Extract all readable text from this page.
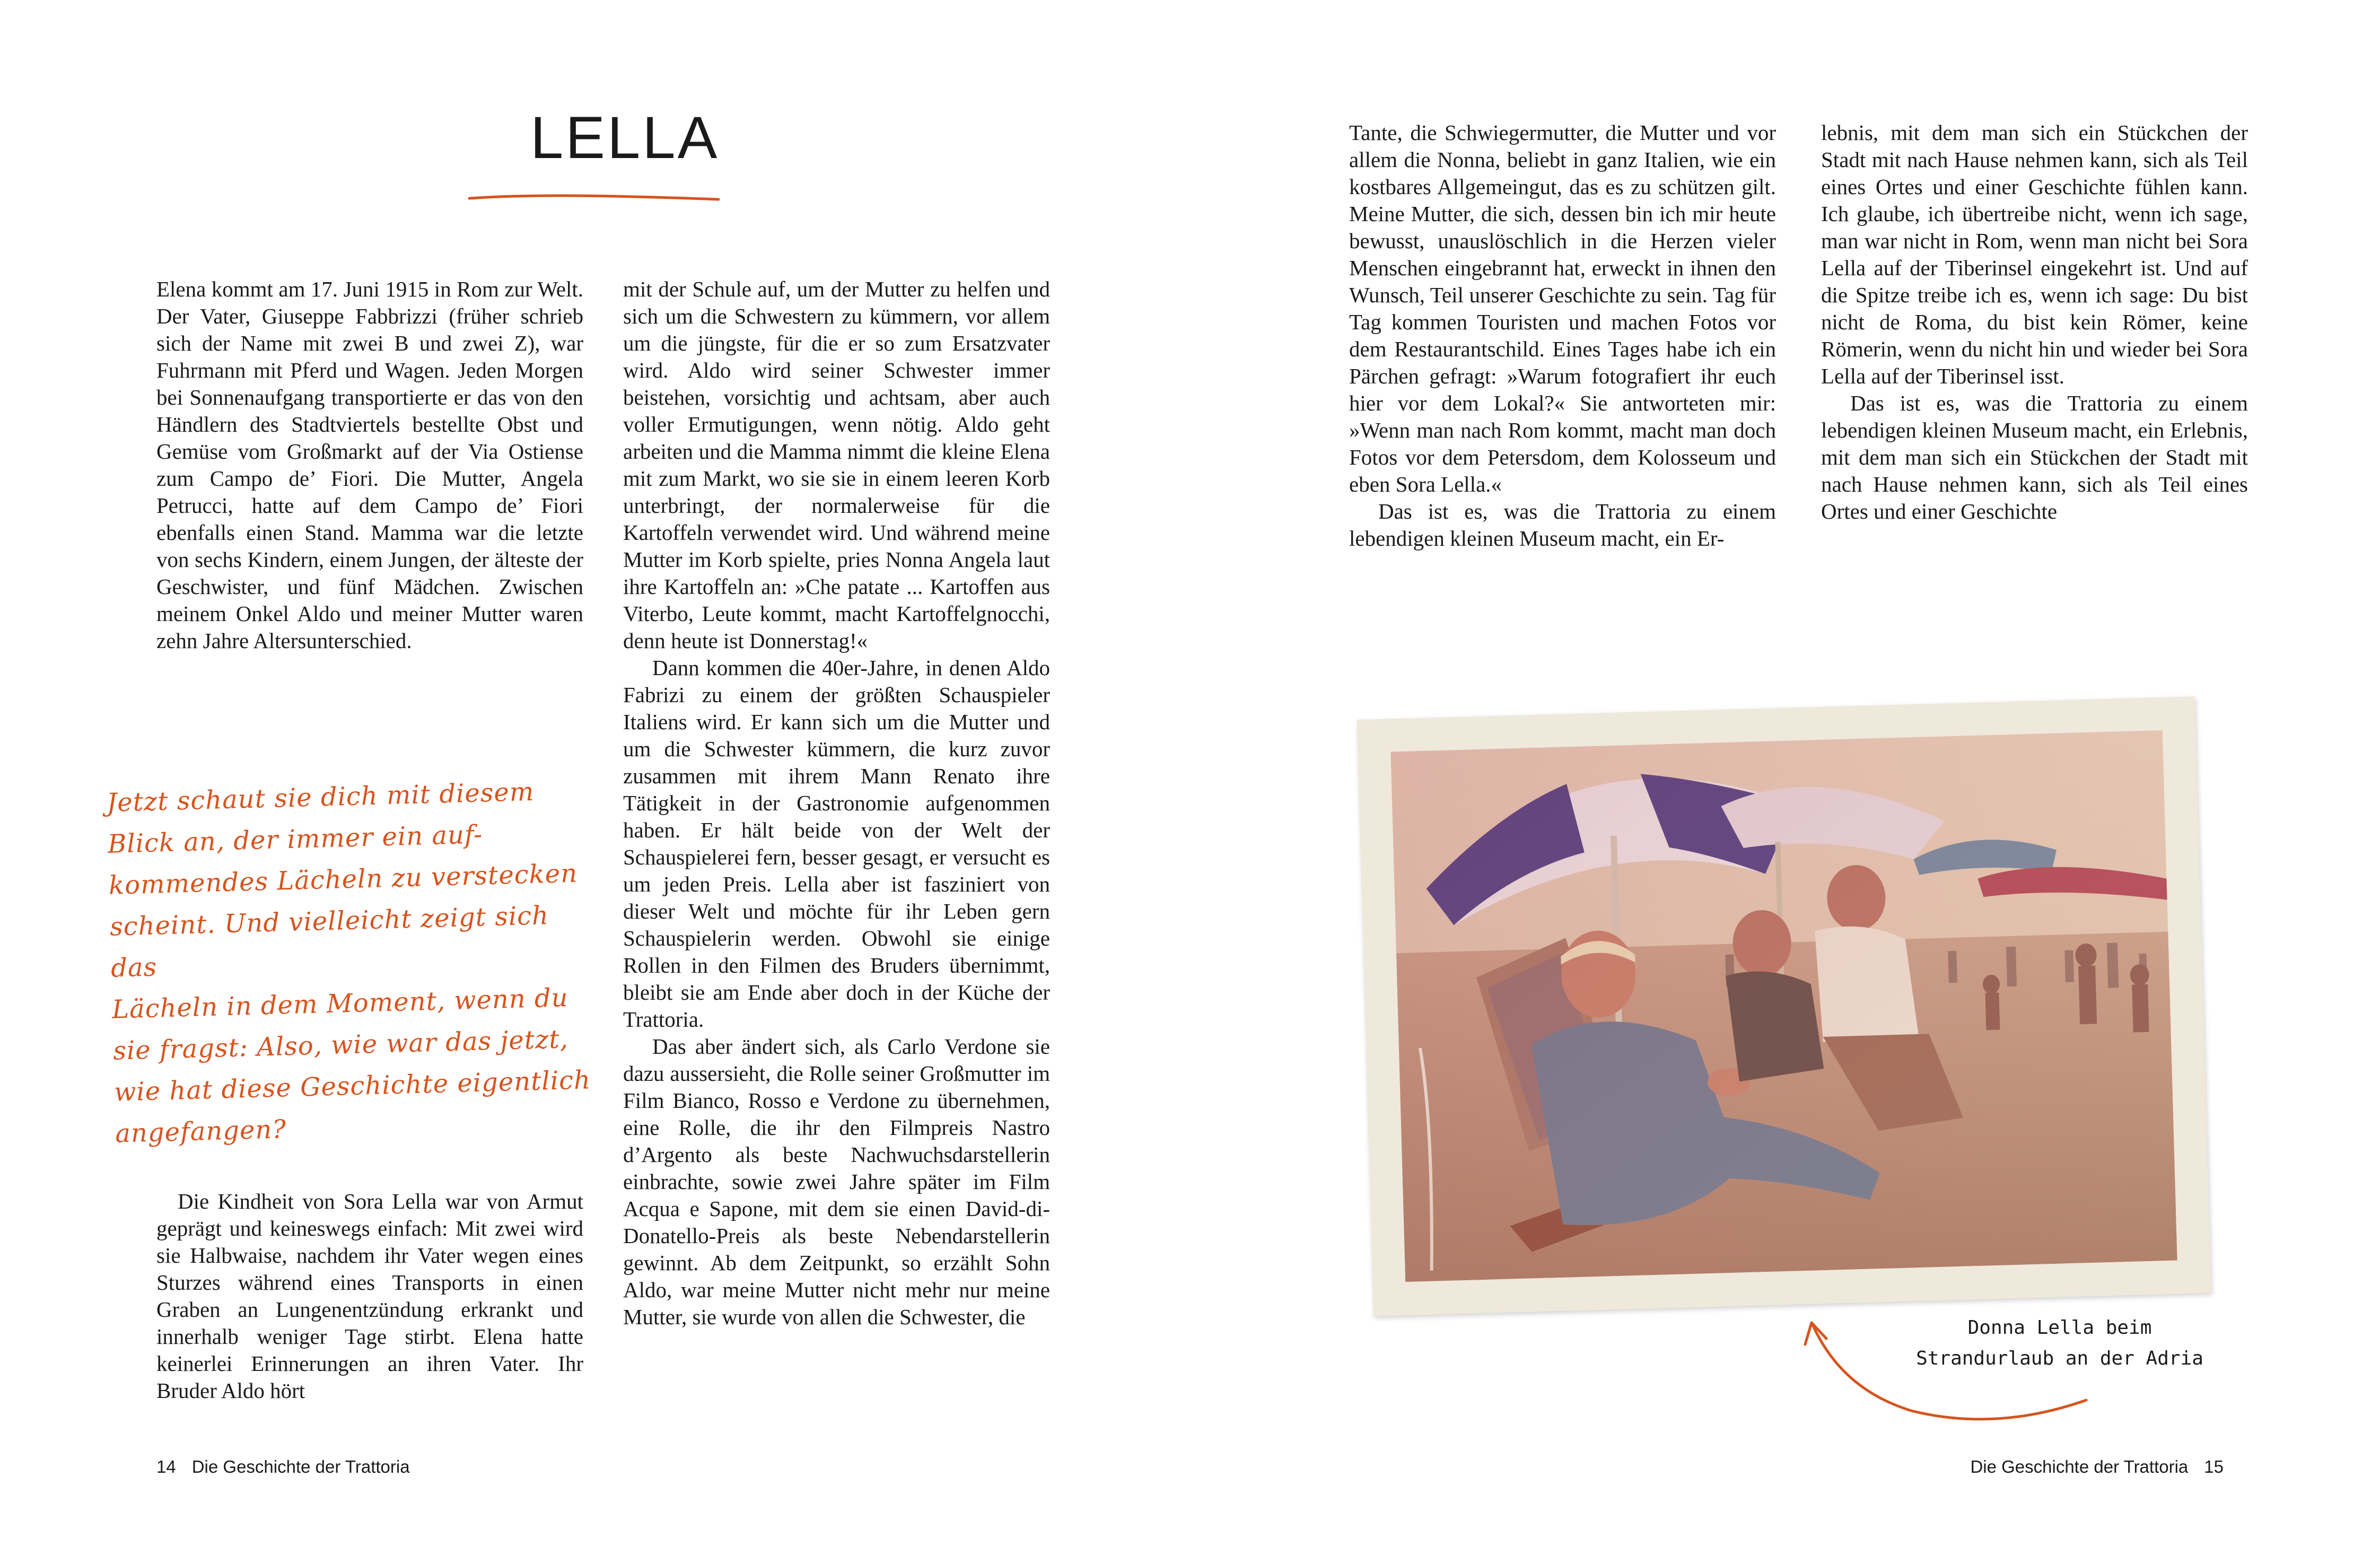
LELLA

Elena kommt am 17. Juni 1915 in Rom zur Welt. Der Vater, Giuseppe Fabbrizzi (früher schrieb sich der Name mit zwei B und zwei Z), war Fuhrmann mit Pferd und Wagen. Jeden Morgen bei Sonnenaufgang transportierte er das von den Händlern des Stadtviertels bestellte Obst und Gemüse vom Großmarkt auf der Via Ostiense zum Campo de’ Fiori. Die Mutter, Angela Petrucci, hatte auf dem Campo de’ Fiori ebenfalls einen Stand. Mamma war die letzte von sechs Kindern, einem Jungen, der älteste der Geschwister, und fünf Mädchen. Zwischen meinem Onkel Aldo und meiner Mutter waren zehn Jahre Altersunterschied.

Jetzt schaut sie dich mit diesem
Blick an, der immer ein auf-
kommendes Lächeln zu verstecken
scheint. Und vielleicht zeigt sich das
Lächeln in dem Moment, wenn du
sie fragst: Also, wie war das jetzt,
wie hat diese Geschichte eigentlich
angefangen?

Die Kindheit von Sora Lella war von Armut geprägt und keineswegs einfach: Mit zwei wird sie Halbwaise, nachdem ihr Vater wegen eines Sturzes während eines Transports in einen Graben an Lungenentzündung erkrankt und innerhalb weniger Tage stirbt. Elena hatte keinerlei Erinnerungen an ihren Vater. Ihr Bruder Aldo hört

mit der Schule auf, um der Mutter zu helfen und sich um die Schwestern zu kümmern, vor allem um die jüngste, für die er so zum Ersatzvater wird. Aldo wird seiner Schwester immer beistehen, vorsichtig und achtsam, aber auch voller Ermutigungen, wenn nötig. Aldo geht arbeiten und die Mamma nimmt die kleine Elena mit zum Markt, wo sie sie in einem leeren Korb unterbringt, der normalerweise für die Kartoffeln verwendet wird. Und während meine Mutter im Korb spielte, pries Nonna Angela laut ihre Kartoffeln an: »Che patate ... Kartoffen aus Viterbo, Leute kommt, macht Kartoffelgnocchi, denn heute ist Donnerstag!«

Dann kommen die 40er-Jahre, in denen Aldo Fabrizi zu einem der größten Schauspieler Italiens wird. Er kann sich um die Mutter und um die Schwester kümmern, die kurz zuvor zusammen mit ihrem Mann Renato ihre Tätigkeit in der Gastronomie aufgenommen haben. Er hält beide von der Welt der Schauspielerei fern, besser gesagt, er versucht es um jeden Preis. Lella aber ist fasziniert von dieser Welt und möchte für ihr Leben gern Schauspielerin werden. Obwohl sie einige Rollen in den Filmen des Bruders übernimmt, bleibt sie am Ende aber doch in der Küche der Trattoria.

Das aber ändert sich, als Carlo Verdone sie dazu aussersieht, die Rolle seiner Großmutter im Film Bianco, Rosso e Verdone zu übernehmen, eine Rolle, die ihr den Filmpreis Nastro d’Argento als beste Nachwuchsdarstellerin einbrachte, sowie zwei Jahre später im Film Acqua e Sapone, mit dem sie einen David-di-Donatello-Preis als beste Nebendarstellerin gewinnt. Ab dem Zeitpunkt, so erzählt Sohn Aldo, war meine Mutter nicht mehr nur meine Mutter, sie wurde von allen die Schwester, die

14 Die Geschichte der Trattoria

Tante, die Schwiegermutter, die Mutter und vor allem die Nonna, beliebt in ganz Italien, wie ein kostbares Allgemeingut, das es zu schützen gilt. Meine Mutter, die sich, dessen bin ich mir heute bewusst, unauslöschlich in die Herzen vieler Menschen eingebrannt hat, erweckt in ihnen den Wunsch, Teil unserer Geschichte zu sein. Tag für Tag kommen Touristen und machen Fotos vor dem Restaurantschild. Eines Tages habe ich ein Pärchen gefragt: »Warum fotografiert ihr euch hier vor dem Lokal?« Sie antworteten mir: »Wenn man nach Rom kommt, macht man doch Fotos vor dem Petersdom, dem Kolosseum und eben Sora Lella.«

Das ist es, was die Trattoria zu einem lebendigen kleinen Museum macht, ein Er-

lebnis, mit dem man sich ein Stückchen der Stadt mit nach Hause nehmen kann, sich als Teil eines Ortes und einer Geschichte fühlen kann. Ich glaube, ich übertreibe nicht, wenn ich sage, man war nicht in Rom, wenn man nicht bei Sora Lella auf der Tiberinsel eingekehrt ist. Und auf die Spitze treibe ich es, wenn ich sage: Du bist nicht de Roma, du bist kein Römer, keine Römerin, wenn du nicht hin und wieder bei Sora Lella auf der Tiberinsel isst.

Das ist es, was die Trattoria zu einem lebendigen kleinen Museum macht, ein Erlebnis, mit dem man sich ein Stückchen der Stadt mit nach Hause nehmen kann, sich als Teil eines Ortes und einer Geschichte

Donna Lella beim
Strandurlaub an der Adria
Die Geschichte der Trattoria 15
